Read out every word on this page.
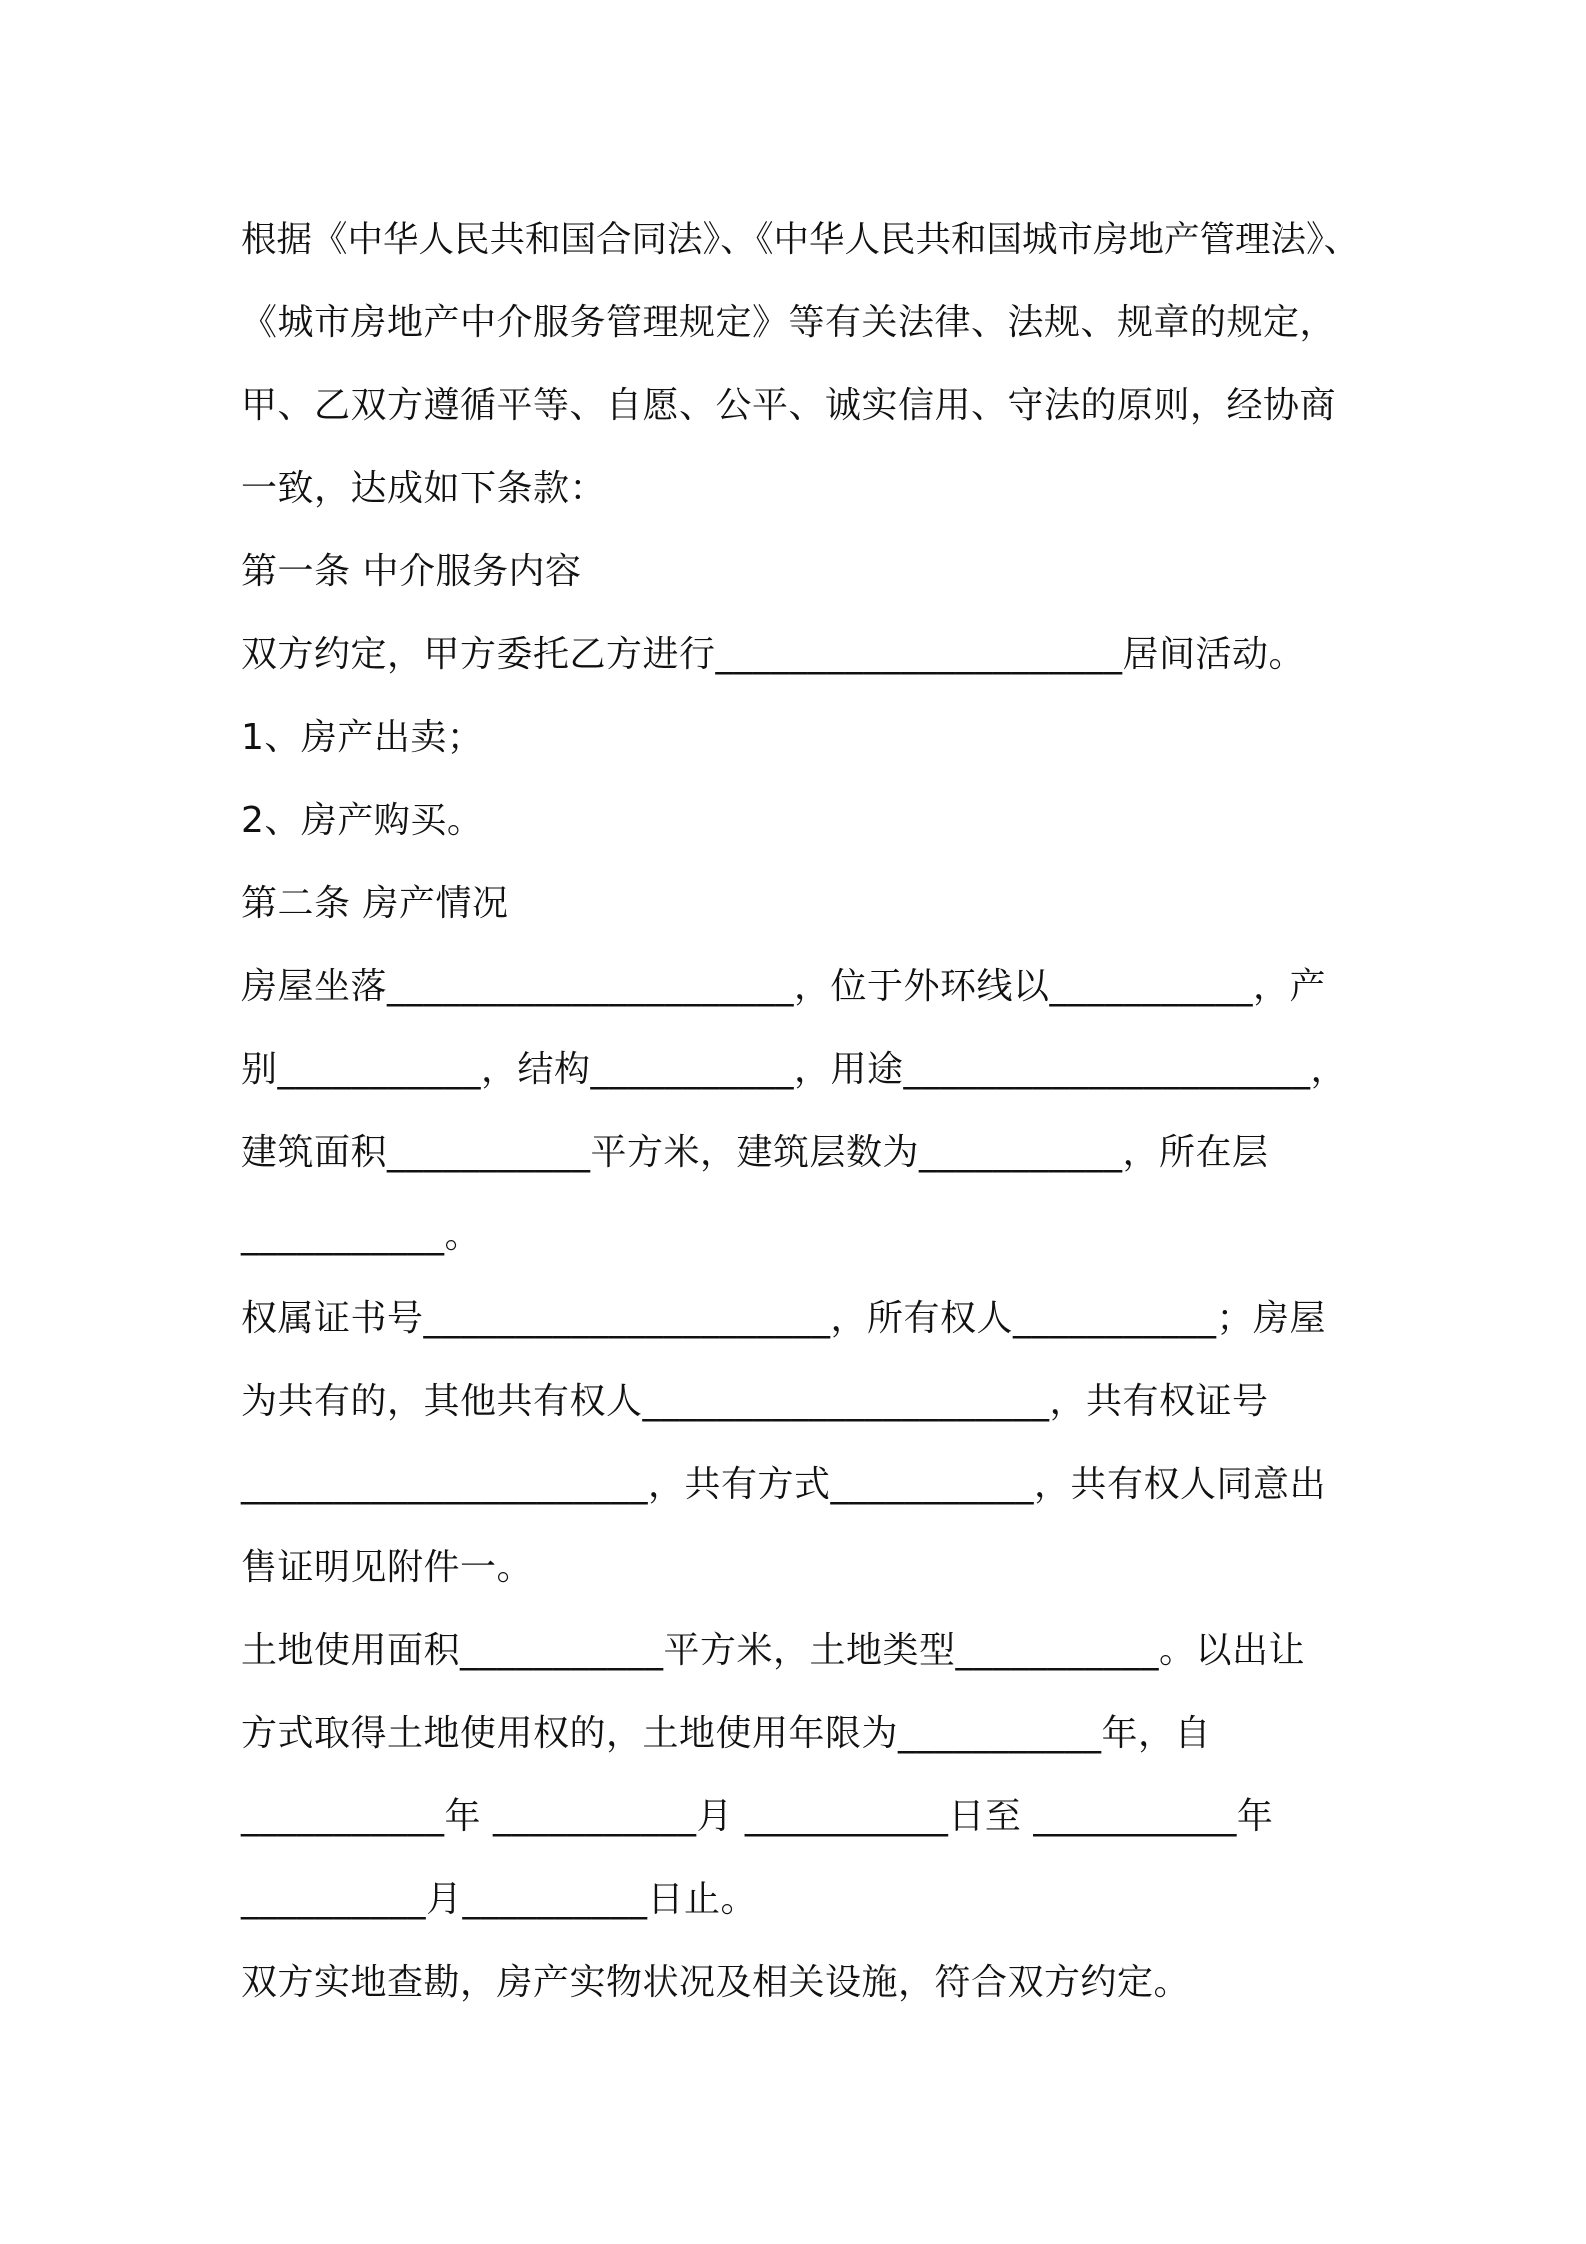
根据《中华人民共和国合同法》、《中华人民共和国城市房地产管理法》、
《城市房地产中介服务管理规定》等有关法律、法规、规章的规定，
甲、乙双方遵循平等、自愿、公平、诚实信用、守法的原则，经协商
一致，达成如下条款：
第一条 中介服务内容
双方约定，甲方委托乙方进行______________________居间活动。
1、房产出卖；
2、房产购买。
第二条 房产情况
房屋坐落______________________，位于外环线以___________，产
别___________，结构___________，用途______________________，
建筑面积___________平方米，建筑层数为___________，所在层
___________。
权属证书号______________________，所有权人___________；房屋
为共有的，其他共有权人______________________，共有权证号
______________________，共有方式___________，共有权人同意出
售证明见附件一。
土地使用面积___________平方米，土地类型___________。以出让
方式取得土地使用权的，土地使用年限为___________年，自
___________年 ___________月 ___________日至 ___________年
__________月__________日止。
双方实地查勘，房产实物状况及相关设施，符合双方约定。
